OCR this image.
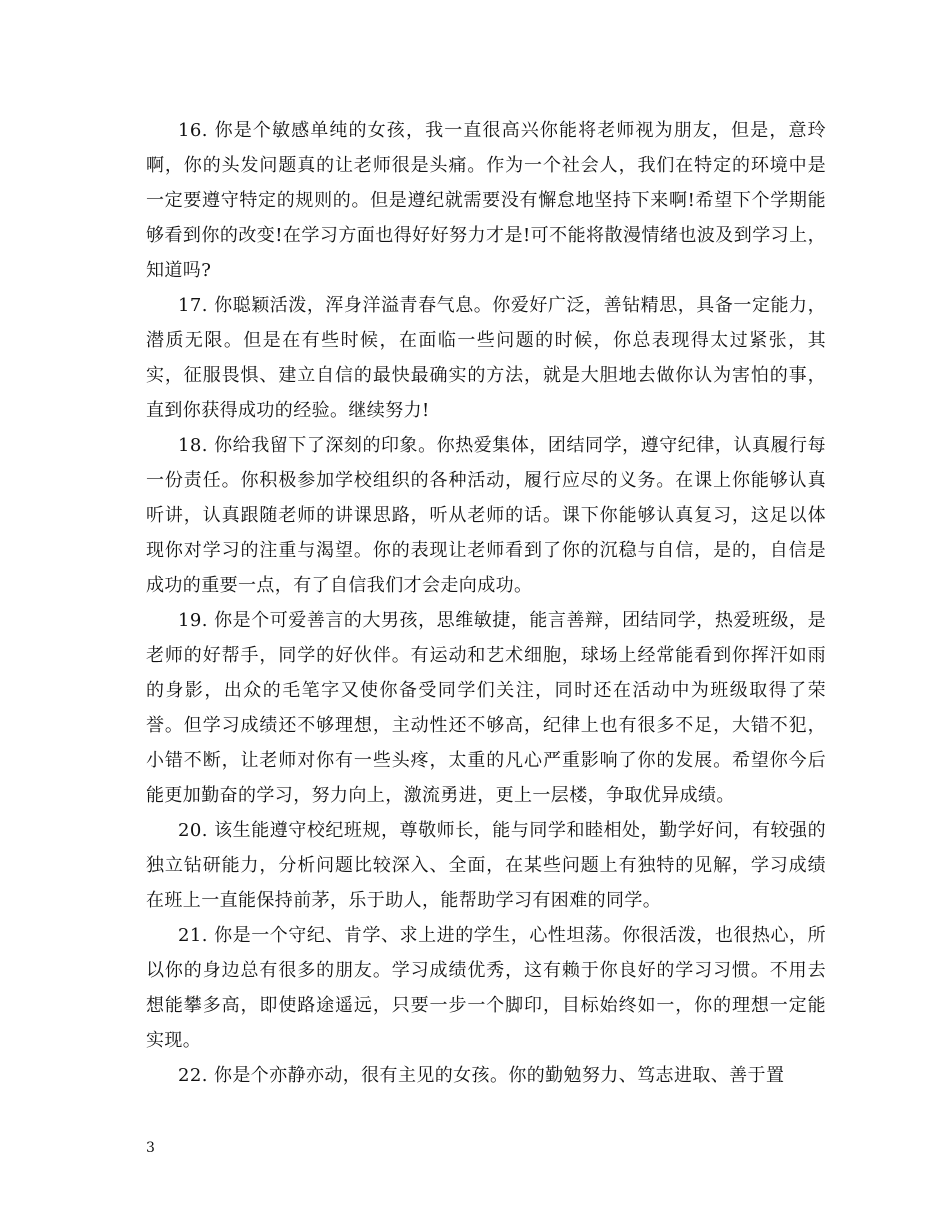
16. 你是个敏感单纯的女孩，我一直很高兴你能将老师视为朋友，但是，意玲啊，你的头发问题真的让老师很是头痛。作为一个社会人，我们在特定的环境中是一定要遵守特定的规则的。但是遵纪就需要没有懈怠地坚持下来啊!希望下个学期能够看到你的改变!在学习方面也得好好努力才是!可不能将散漫情绪也波及到学习上，知道吗?

17. 你聪颖活泼，浑身洋溢青春气息。你爱好广泛，善钻精思，具备一定能力，潜质无限。但是在有些时候，在面临一些问题的时候，你总表现得太过紧张，其实，征服畏惧、建立自信的最快最确实的方法，就是大胆地去做你认为害怕的事，直到你获得成功的经验。继续努力!

18. 你给我留下了深刻的印象。你热爱集体，团结同学，遵守纪律，认真履行每一份责任。你积极参加学校组织的各种活动，履行应尽的义务。在课上你能够认真听讲，认真跟随老师的讲课思路，听从老师的话。课下你能够认真复习，这足以体现你对学习的注重与渴望。你的表现让老师看到了你的沉稳与自信，是的，自信是成功的重要一点，有了自信我们才会走向成功。

19. 你是个可爱善言的大男孩，思维敏捷，能言善辩，团结同学，热爱班级，是老师的好帮手，同学的好伙伴。有运动和艺术细胞，球场上经常能看到你挥汗如雨的身影，出众的毛笔字又使你备受同学们关注，同时还在活动中为班级取得了荣誉。但学习成绩还不够理想，主动性还不够高，纪律上也有很多不足，大错不犯，小错不断，让老师对你有一些头疼，太重的凡心严重影响了你的发展。希望你今后能更加勤奋的学习，努力向上，激流勇进，更上一层楼，争取优异成绩。

20. 该生能遵守校纪班规，尊敬师长，能与同学和睦相处，勤学好问，有较强的独立钻研能力，分析问题比较深入、全面，在某些问题上有独特的见解，学习成绩在班上一直能保持前茅，乐于助人，能帮助学习有困难的同学。

21. 你是一个守纪、肯学、求上进的学生，心性坦荡。你很活泼，也很热心，所以你的身边总有很多的朋友。学习成绩优秀，这有赖于你良好的学习习惯。不用去想能攀多高，即使路途遥远，只要一步一个脚印，目标始终如一，你的理想一定能实现。

22. 你是个亦静亦动，很有主见的女孩。你的勤勉努力、笃志进取、善于置

3
